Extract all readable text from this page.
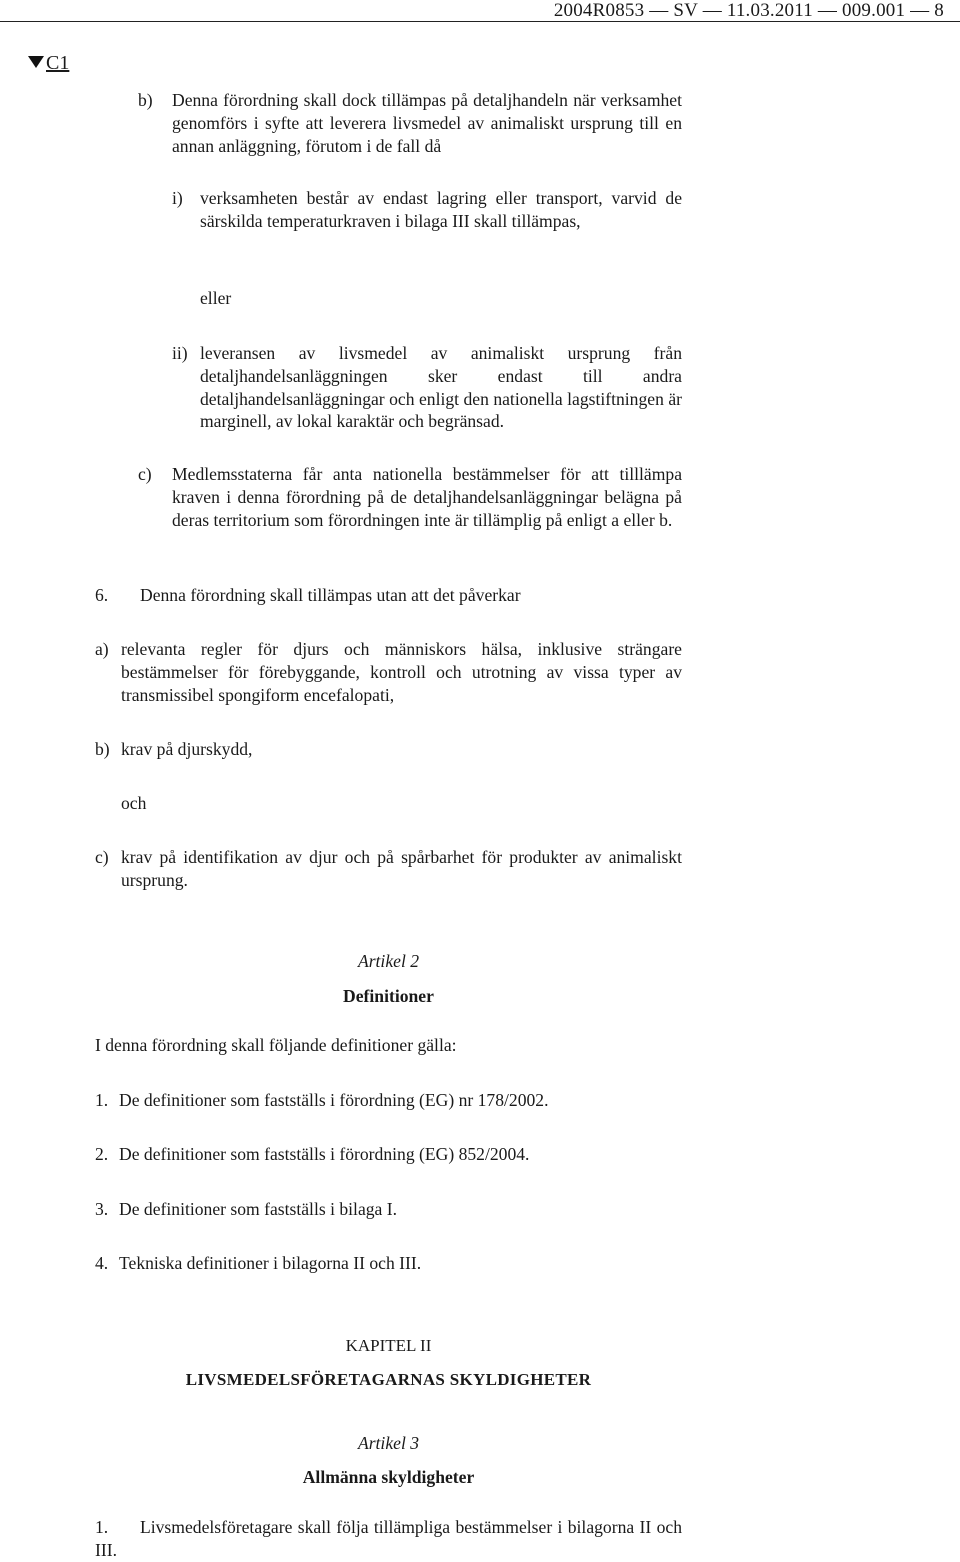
2004R0853 — SV — 11.03.2011 — 009.001 — 8
C1
b) Denna förordning skall dock tillämpas på detaljhandeln när verksamhet genomförs i syfte att leverera livsmedel av animaliskt ursprung till en annan anläggning, förutom i de fall då
i) verksamheten består av endast lagring eller transport, varvid de särskilda temperaturkraven i bilaga III skall tillämpas,
eller
ii) leveransen av livsmedel av animaliskt ursprung från detaljhandelsanläggningen sker endast till andra detaljhandelsanläggningar och enligt den nationella lagstiftningen är marginell, av lokal karaktär och begränsad.
c) Medlemsstaterna får anta nationella bestämmelser för att tilllämpa kraven i denna förordning på de detaljhandelsanläggningar belägna på deras territorium som förordningen inte är tillämplig på enligt a eller b.
6. Denna förordning skall tillämpas utan att det påverkar
a) relevanta regler för djurs och människors hälsa, inklusive strängare bestämmelser för förebyggande, kontroll och utrotning av vissa typer av transmissibel spongiform encefalopati,
b) krav på djurskydd,
och
c) krav på identifikation av djur och på spårbarhet för produkter av animaliskt ursprung.
Artikel 2
Definitioner
I denna förordning skall följande definitioner gälla:
1. De definitioner som fastställs i förordning (EG) nr 178/2002.
2. De definitioner som fastställs i förordning (EG) 852/2004.
3. De definitioner som fastställs i bilaga I.
4. Tekniska definitioner i bilagorna II och III.
KAPITEL II
LIVSMEDELSFÖRETAGARNAS SKYLDIGHETER
Artikel 3
Allmänna skyldigheter
1.	Livsmedelsföretagare skall följa tillämpliga bestämmelser i bilagorna II och III.
